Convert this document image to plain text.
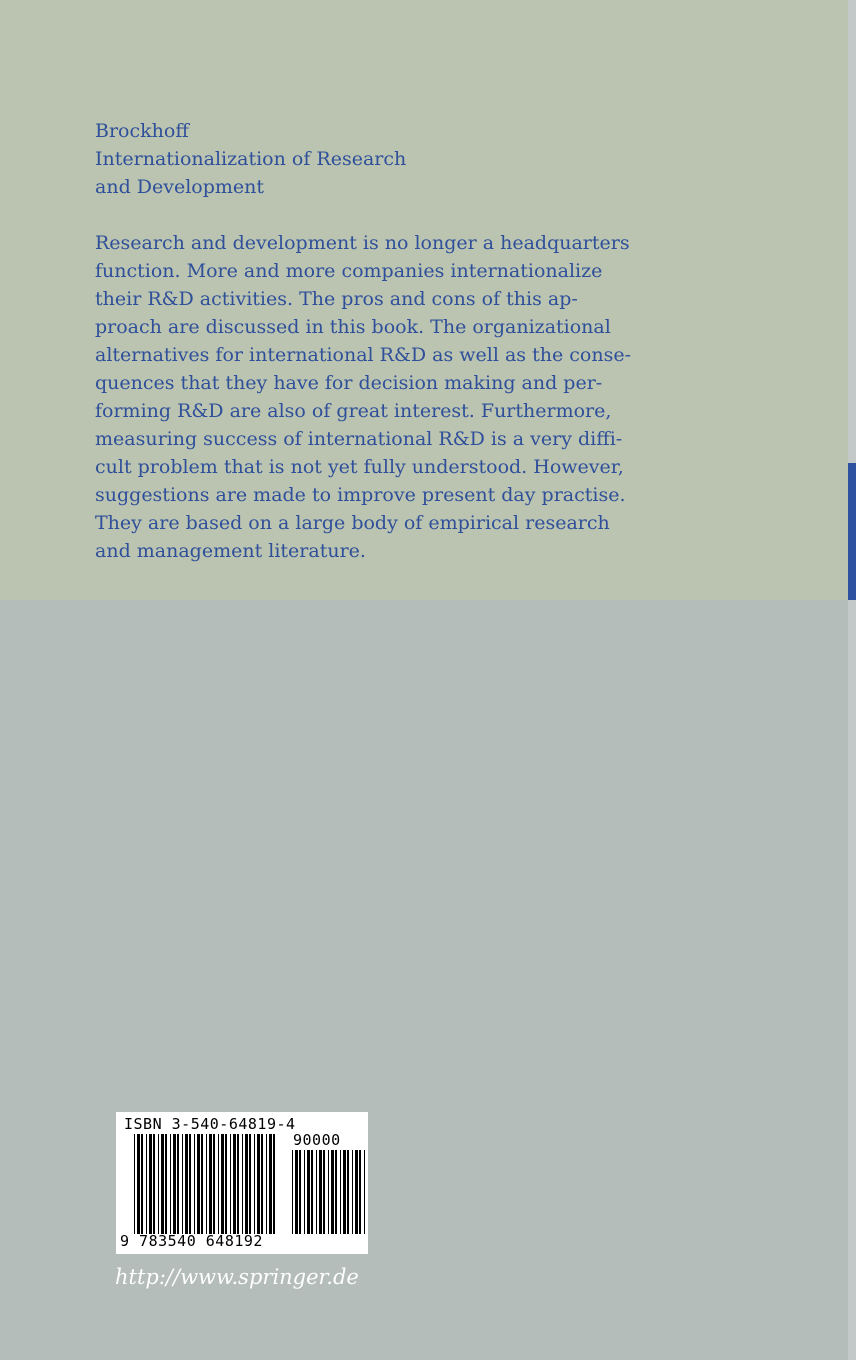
Brockhoff
Internationalization of Research
and Development
Research and development is no longer a headquarters
function. More and more companies internationalize
their R&D activities. The pros and cons of this ap-
proach are discussed in this book. The organizational
alternatives for international R&D as well as the conse-
quences that they have for decision making and per-
forming R&D are also of great interest. Furthermore,
measuring success of international R&D is a very diffi-
cult problem that is not yet fully understood. However,
suggestions are made to improve present day practise.
They are based on a large body of empirical research
and management literature.
ISBN 3-540-64819-4
90000
9 783540 648192
http://www.springer.de
